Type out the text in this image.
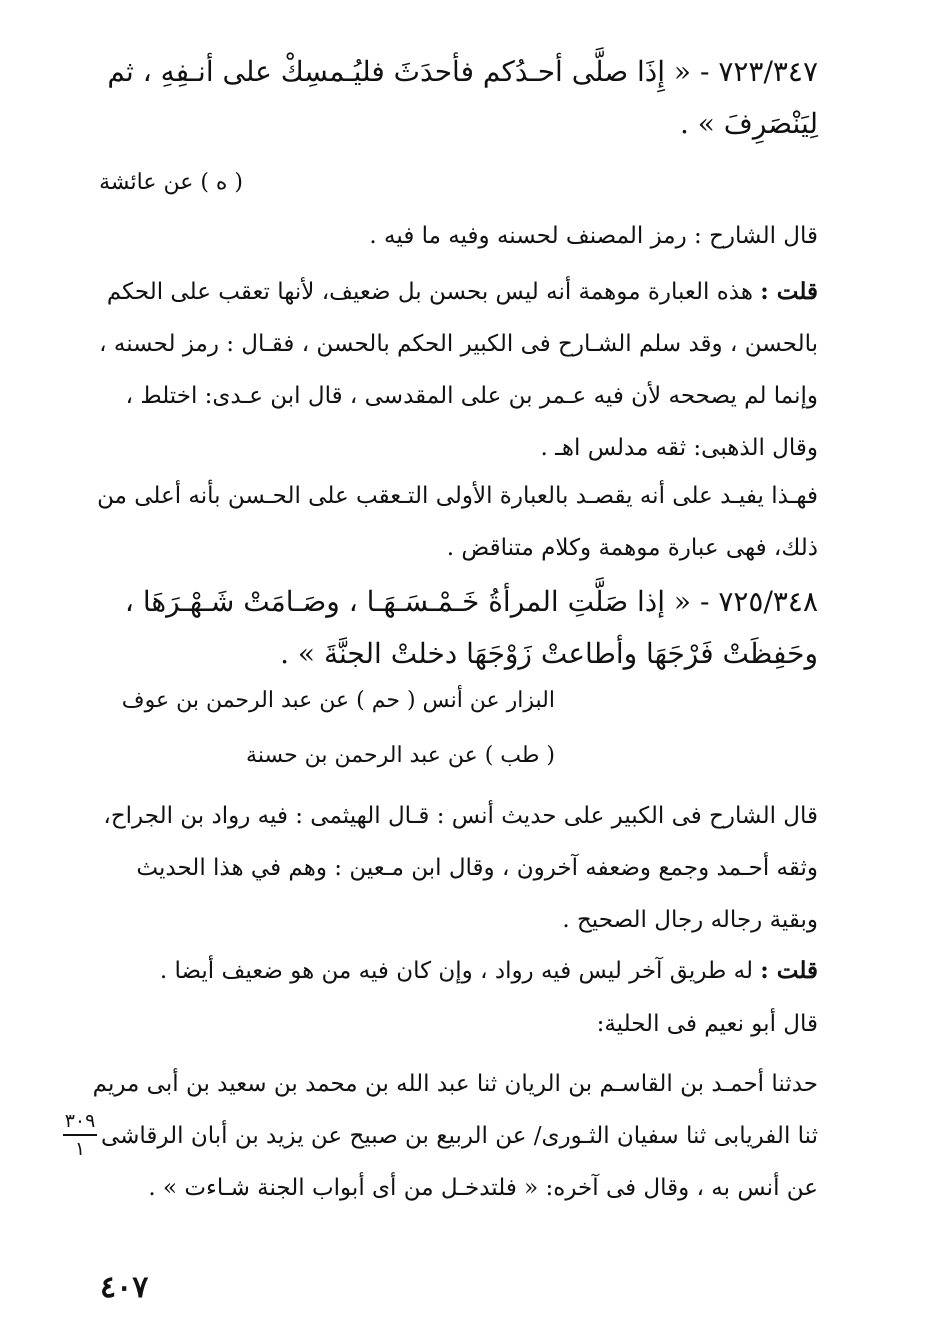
٧٢٣/٣٤٧ - « إِذَا صلَّى أحـدُكم فأحدَثَ فليُـمسِكْ على أنـفِهِ ، ثم
لِيَنْصَرِفَ » .
( ه ) عن عائشة
قال الشارح : رمز المصنف لحسنه وفيه ما فيه .
قلت : هذه العبارة موهمة أنه ليس بحسن بل ضعيف، لأنها تعقب على الحكم
بالحسن ، وقد سلم الشـارح فى الكبير الحكم بالحسن ، فقـال : رمز لحسنه ،
وإنما لم يصححه لأن فيه عـمر بن على المقدسى ، قال ابن عـدى: اختلط ،
وقال الذهبى: ثقه مدلس اهـ .
فهـذا يفيـد على أنه يقصـد بالعبارة الأولى التـعقب على الحـسن بأنه أعلى من
ذلك، فهى عبارة موهمة وكلام متناقض .
٧٢٥/٣٤٨ - « إذا صَلَّتِ المرأةُ خَـمْـسَـهَـا ، وصَـامَتْ شَـهْـرَهَا ،
وحَفِظَتْ فَرْجَهَا وأطاعتْ زَوْجَهَا دخلتْ الجنَّةَ » .
البزار عن أنس ( حم ) عن عبد الرحمن بن عوف
( طب ) عن عبد الرحمن بن حسنة
قال الشارح فى الكبير على حديث أنس : قـال الهيثمى : فيه رواد بن الجراح،
وثقه أحـمد وجمع وضعفه آخرون ، وقال ابن مـعين : وهم في هذا الحديث
وبقية رجاله رجال الصحيح .
قلت : له طريق آخر ليس فيه رواد ، وإن كان فيه من هو ضعيف أيضا .
قال أبو نعيم فى الحلية:
حدثنا أحمـد بن القاسـم بن الريان ثنا عبد الله بن محمد بن سعيد بن أبى مريم
ثنا الفريابى ثنا سفيان الثـورى/ عن الربيع بن صبيح عن يزيد بن أبان الرقاشى
عن أنس به ، وقال فى آخره: « فلتدخـل من أى أبواب الجنة شـاءت » .
٣٠٩
١
٤٠٧
